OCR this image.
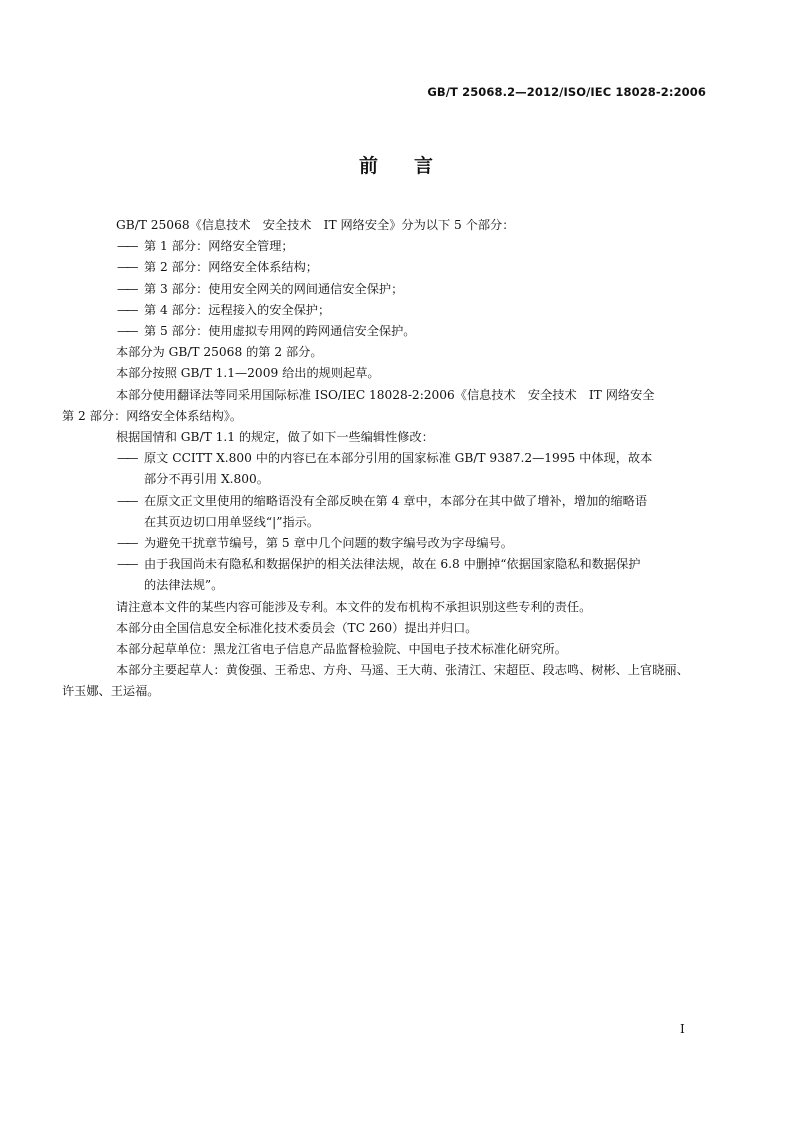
GB/T 25068.2—2012/ISO/IEC 18028-2:2006
前 言

GB/T 25068《信息技术　安全技术　IT 网络安全》分为以下 5 个部分：

—— 第 1 部分：网络安全管理；

—— 第 2 部分：网络安全体系结构；

—— 第 3 部分：使用安全网关的网间通信安全保护；

—— 第 4 部分：远程接入的安全保护；

—— 第 5 部分：使用虚拟专用网的跨网通信安全保护。

本部分为 GB/T 25068 的第 2 部分。

本部分按照 GB/T 1.1—2009 给出的规则起草。

本部分使用翻译法等同采用国际标准 ISO/IEC 18028-2:2006《信息技术　安全技术　IT 网络安全
第 2 部分：网络安全体系结构》。

根据国情和 GB/T 1.1 的规定，做了如下一些编辑性修改：

—— 原文 CCITT X.800 中的内容已在本部分引用的国家标准 GB/T 9387.2—1995 中体现，故本
部分不再引用 X.800。

—— 在原文正文里使用的缩略语没有全部反映在第 4 章中，本部分在其中做了增补，增加的缩略语
在其页边切口用单竖线“|”指示。

—— 为避免干扰章节编号，第 5 章中几个问题的数字编号改为字母编号。

—— 由于我国尚未有隐私和数据保护的相关法律法规，故在 6.8 中删掉“依据国家隐私和数据保护
的法律法规”。

请注意本文件的某些内容可能涉及专利。本文件的发布机构不承担识别这些专利的责任。

本部分由全国信息安全标准化技术委员会（TC 260）提出并归口。

本部分起草单位：黑龙江省电子信息产品监督检验院、中国电子技术标准化研究所。

本部分主要起草人：黄俊强、王希忠、方舟、马遥、王大萌、张清江、宋超臣、段志鸣、树彬、上官晓丽、
许玉娜、王运福。

I
